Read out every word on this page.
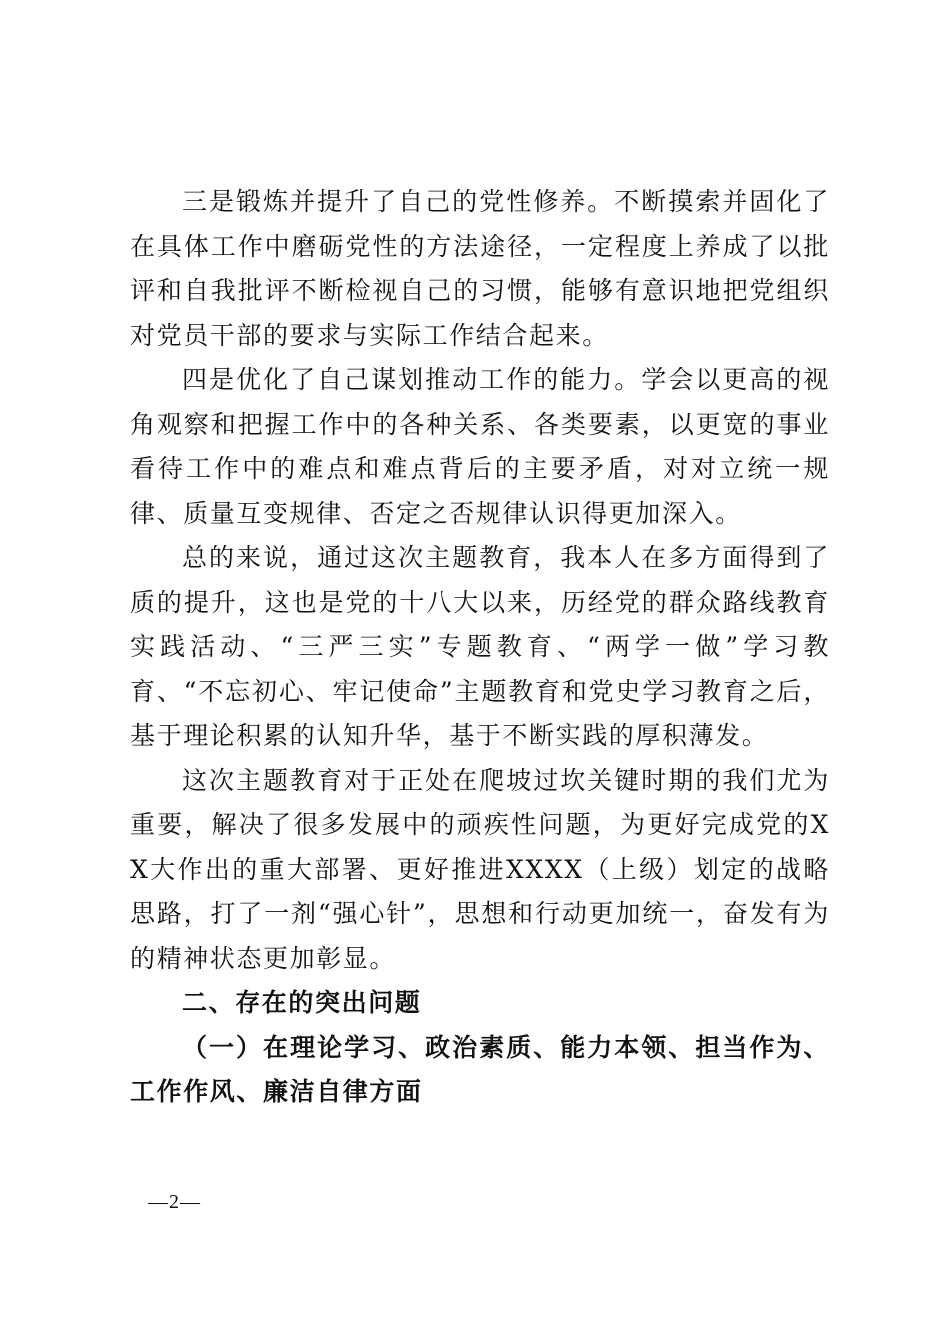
三是锻炼并提升了自己的党性修养。不断摸索并固化了在具体工作中磨砺党性的方法途径，一定程度上养成了以批评和自我批评不断检视自己的习惯，能够有意识地把党组织对党员干部的要求与实际工作结合起来。

四是优化了自己谋划推动工作的能力。学会以更高的视角观察和把握工作中的各种关系、各类要素，以更宽的事业看待工作中的难点和难点背后的主要矛盾，对对立统一规律、质量互变规律、否定之否规律认识得更加深入。

总的来说，通过这次主题教育，我本人在多方面得到了质的提升，这也是党的十八大以来，历经党的群众路线教育实践活动、“三严三实”专题教育、“两学一做”学习教育、“不忘初心、牢记使命”主题教育和党史学习教育之后，基于理论积累的认知升华，基于不断实践的厚积薄发。

这次主题教育对于正处在爬坡过坎关键时期的我们尤为重要，解决了很多发展中的顽疾性问题，为更好完成党的XX大作出的重大部署、更好推进XXXX（上级）划定的战略思路，打了一剂“强心针”，思想和行动更加统一，奋发有为的精神状态更加彰显。

二、存在的突出问题

（一）在理论学习、政治素质、能力本领、担当作为、工作作风、廉洁自律方面

—2—
